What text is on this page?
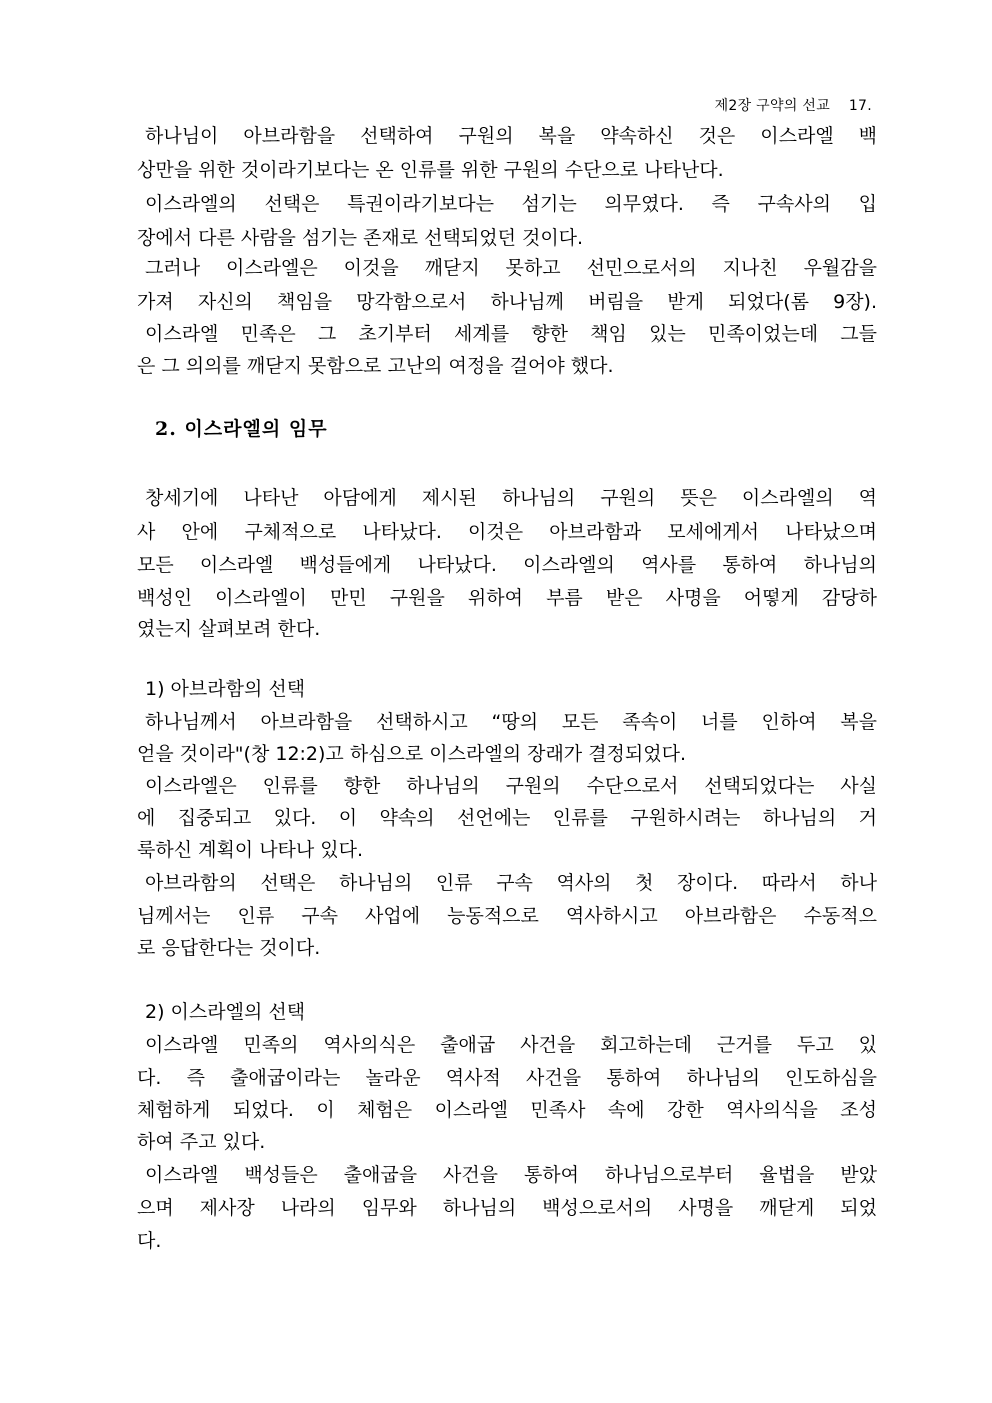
제2장 구약의 선교 17.
하나님이 아브라함을 선택하여 구원의 복을 약속하신 것은 이스라엘 백
상만을 위한 것이라기보다는 온 인류를 위한 구원의 수단으로 나타난다.
이스라엘의 선택은 특권이라기보다는 섬기는 의무였다. 즉 구속사의 입
장에서 다른 사람을 섬기는 존재로 선택되었던 것이다.
그러나 이스라엘은 이것을 깨닫지 못하고 선민으로서의 지나친 우월감을
가져 자신의 책임을 망각함으로서 하나님께 버림을 받게 되었다(롬 9장).
이스라엘 민족은 그 초기부터 세계를 향한 책임 있는 민족이었는데 그들
은 그 의의를 깨닫지 못함으로 고난의 여정을 걸어야 했다.
2. 이스라엘의 임무
창세기에 나타난 아담에게 제시된 하나님의 구원의 뜻은 이스라엘의 역
사 안에 구체적으로 나타났다. 이것은 아브라함과 모세에게서 나타났으며
모든 이스라엘 백성들에게 나타났다. 이스라엘의 역사를 통하여 하나님의
백성인 이스라엘이 만민 구원을 위하여 부름 받은 사명을 어떻게 감당하
였는지 살펴보려 한다.
1) 아브라함의 선택
하나님께서 아브라함을 선택하시고 “땅의 모든 족속이 너를 인하여 복을
얻을 것이라"(창 12:2)고 하심으로 이스라엘의 장래가 결정되었다.
이스라엘은 인류를 향한 하나님의 구원의 수단으로서 선택되었다는 사실
에 집중되고 있다. 이 약속의 선언에는 인류를 구원하시려는 하나님의 거
룩하신 계획이 나타나 있다.
아브라함의 선택은 하나님의 인류 구속 역사의 첫 장이다. 따라서 하나
님께서는 인류 구속 사업에 능동적으로 역사하시고 아브라함은 수동적으
로 응답한다는 것이다.
2) 이스라엘의 선택
이스라엘 민족의 역사의식은 출애굽 사건을 회고하는데 근거를 두고 있
다. 즉 출애굽이라는 놀라운 역사적 사건을 통하여 하나님의 인도하심을
체험하게 되었다. 이 체험은 이스라엘 민족사 속에 강한 역사의식을 조성
하여 주고 있다.
이스라엘 백성들은 출애굽을 사건을 통하여 하나님으로부터 율법을 받았
으며 제사장 나라의 임무와 하나님의 백성으로서의 사명을 깨닫게 되었
다.
